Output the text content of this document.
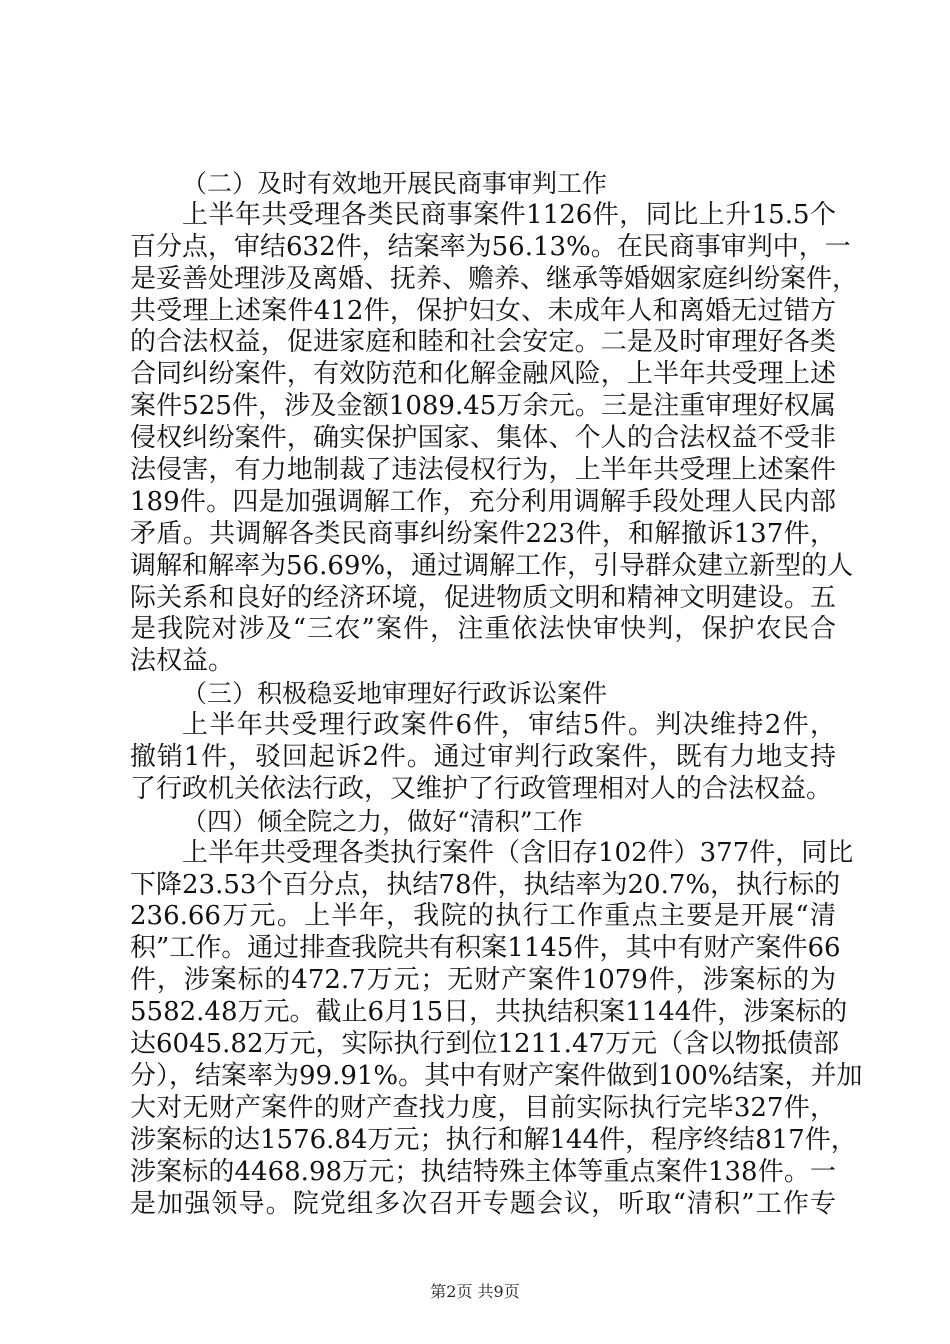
（二）及时有效地开展民商事审判工作
上半年共受理各类民商事案件1126件，同比上升15.5个
百分点，审结632件，结案率为56.13%。在民商事审判中，一
是妥善处理涉及离婚、抚养、赡养、继承等婚姻家庭纠纷案件，
共受理上述案件412件，保护妇女、未成年人和离婚无过错方
的合法权益，促进家庭和睦和社会安定。二是及时审理好各类
合同纠纷案件，有效防范和化解金融风险，上半年共受理上述
案件525件，涉及金额1089.45万余元。三是注重审理好权属
侵权纠纷案件，确实保护国家、集体、个人的合法权益不受非
法侵害，有力地制裁了违法侵权行为，上半年共受理上述案件
189件。四是加强调解工作，充分利用调解手段处理人民内部
矛盾。共调解各类民商事纠纷案件223件，和解撤诉137件，
调解和解率为56.69%，通过调解工作，引导群众建立新型的人
际关系和良好的经济环境，促进物质文明和精神文明建设。五
是我院对涉及“三农”案件，注重依法快审快判，保护农民合
法权益。
（三）积极稳妥地审理好行政诉讼案件
上半年共受理行政案件6件，审结5件。判决维持2件，
撤销1件，驳回起诉2件。通过审判行政案件，既有力地支持
了行政机关依法行政，又维护了行政管理相对人的合法权益。
（四）倾全院之力，做好“清积”工作
上半年共受理各类执行案件（含旧存102件）377件，同比
下降23.53个百分点，执结78件，执结率为20.7%，执行标的
236.66万元。上半年，我院的执行工作重点主要是开展“清
积”工作。通过排查我院共有积案1145件，其中有财产案件66
件，涉案标的472.7万元；无财产案件1079件，涉案标的为
5582.48万元。截止6月15日，共执结积案1144件，涉案标的
达6045.82万元，实际执行到位1211.47万元（含以物抵债部
分），结案率为99.91%。其中有财产案件做到100%结案，并加
大对无财产案件的财产查找力度，目前实际执行完毕327件，
涉案标的达1576.84万元；执行和解144件，程序终结817件，
涉案标的4468.98万元；执结特殊主体等重点案件138件。一
是加强领导。院党组多次召开专题会议，听取“清积”工作专
第2页 共9页
